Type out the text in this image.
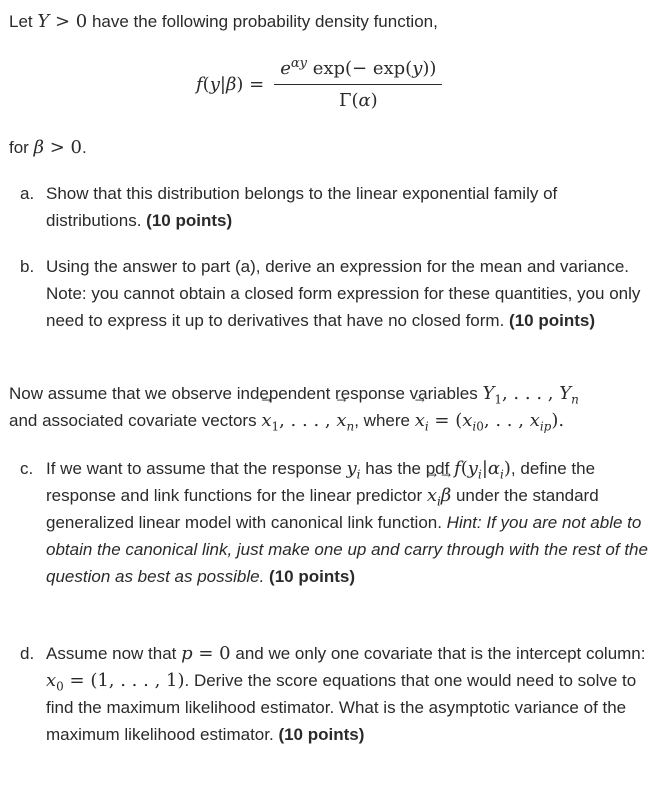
Let Y > 0 have the following probability density function,

$f(y|\beta) = \frac{e^{\alpha y} \exp(- \exp(y))}{\Gamma(\alpha)}$

for β > 0.

a. Show that this distribution belongs to the linear exponential family of distributions. (10 points)
b. Using the answer to part (a), derive an expression for the mean and variance. Note: you cannot obtain a closed form expression for these quantities, you only need to express it up to derivatives that have no closed form. (10 points)

Now assume that we observe independent response variables $Y_1$, . . . , $Y_n$
and associated covariate vectors → $x_1$, . . . , → $x_n$, where → $x_i = (x_{i0}$, . . , $x_{ip}$).

c. If we want to assume that the response $y_i$ has the pdf $f(y_i|\alpha_i)$, define the response and link functions for the linear predictor → $x_i\to \beta$ under the standard generalized linear model with canonical link function. Hint: If you are not able to obtain the canonical link, just make one up and carry through with the rest of the question as best as possible. (10 points)
d. Assume now that p = 0 and we only one covariate that is the intercept column: $x_0 = (1$, . . . , 1). Derive the score equations that one would need to solve to find the maximum likelihood estimator. What is the asymptotic variance of the maximum likelihood estimator. (10 points)
